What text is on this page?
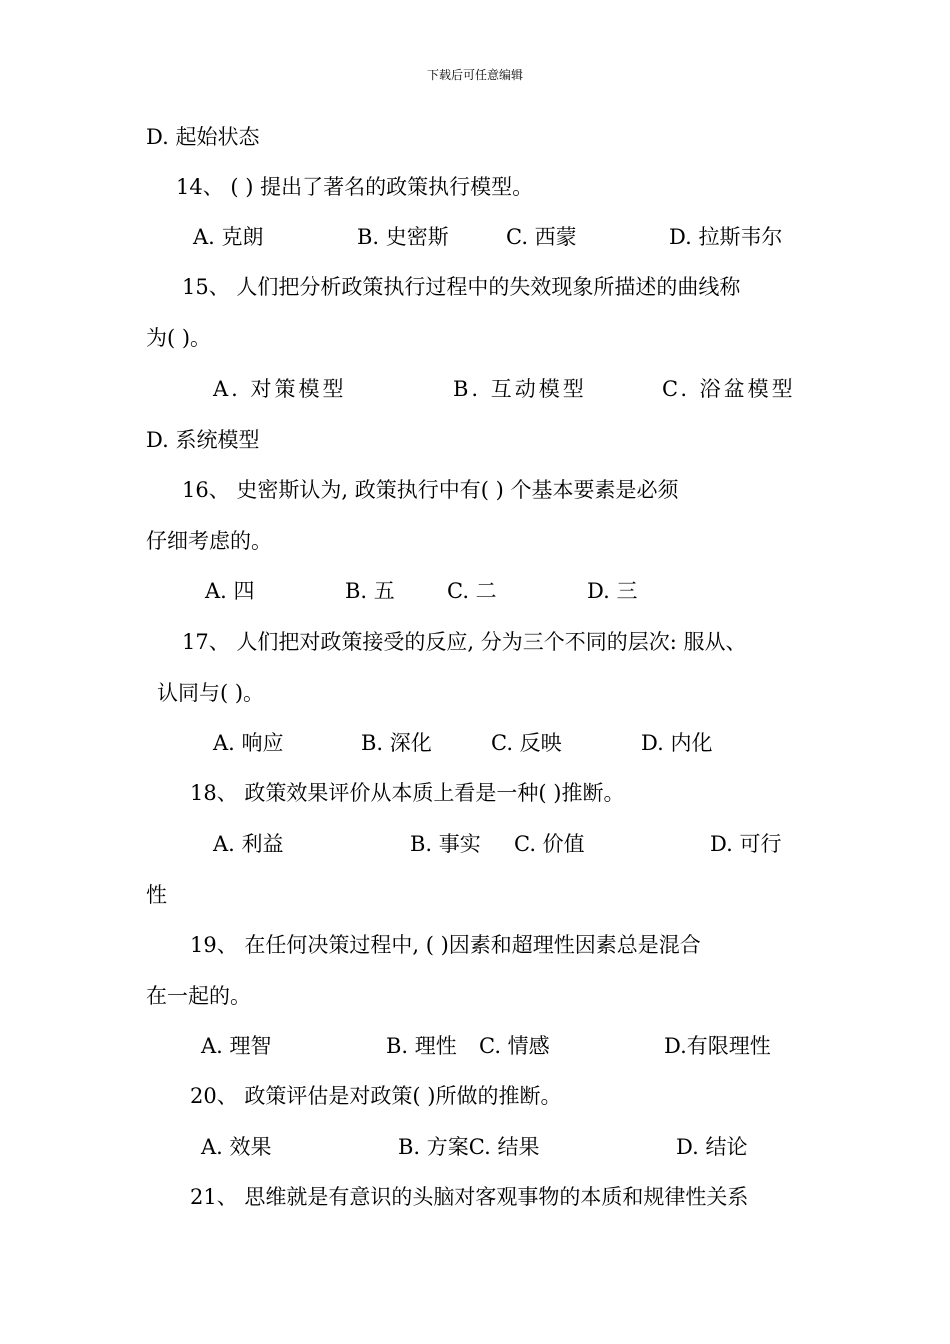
下载后可任意编辑
D. 起始状态
14、 ( ) 提出了著名的政策执行模型。
A. 克朗	B. 史密斯	C. 西蒙	D. 拉斯韦尔
15、 人们把分析政策执行过程中的失效现象所描述的曲线称
为( )。
A. 对策模型	B. 互动模型	C. 浴盆模型
D. 系统模型
16、 史密斯认为, 政策执行中有( ) 个基本要素是必须
仔细考虑的。
A. 四	B. 五 C. 二	D. 三
17、 人们把对政策接受的反应, 分为三个不同的层次: 服从、
认同与( )。
A. 响应	B. 深化	C. 反映	D. 内化
18、 政策效果评价从本质上看是一种( )推断。
A. 利益	B. 事实 C. 价值	D. 可行
性
19、 在任何决策过程中, ( )因素和超理性因素总是混合
在一起的。
A. 理智	B. 理性 C. 情感	D.有限理性
20、 政策评估是对政策( )所做的推断。
A. 效果	B. 方案C. 结果	D. 结论
21、 思维就是有意识的头脑对客观事物的本质和规律性关系
